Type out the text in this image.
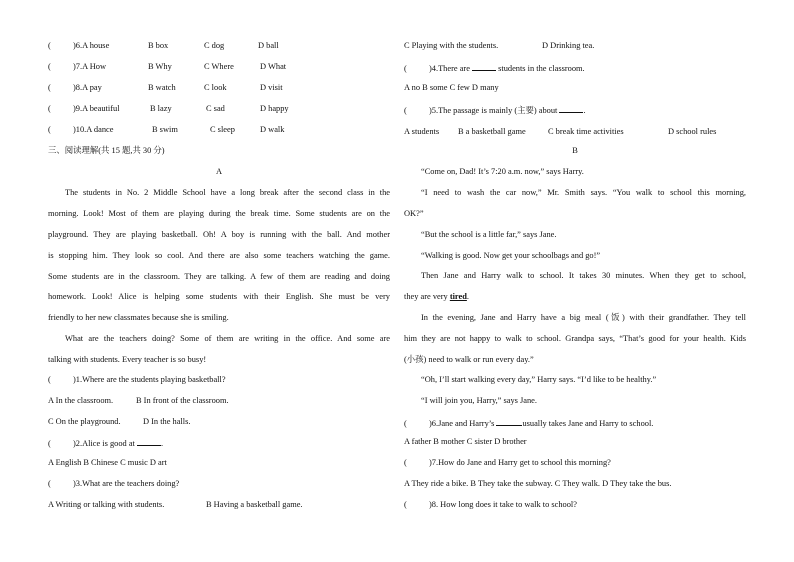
(	)6.A house	B box	C dog	D ball
(	)7.A How	B Why	C Where	D What
(	)8.A pay	B watch	C look	D visit
(	)9.A beautiful	B lazy	C sad	D happy
(	)10.A dance	B swim	C sleep	D walk
三、阅读理解(共 15 题,共 30 分)
A
The students in No. 2 Middle School have a long break after the second class in the
morning. Look! Most of them are playing during the break time. Some students are on the
playground. They are playing basketball. Oh! A boy is running with the ball. And mother
is stopping him. They look so cool. And there are also some teachers watching the game.
Some students are in the classroom. They are talking. A few of them are reading and doing
homework. Look! Alice is helping some students with their English. She must be very
friendly to her new classmates because she is smiling.
What are the teachers doing? Some of them are writing in the office. And some are
talking with students. Every teacher is so busy!
(	)1.Where are the students playing basketball?
A In the classroom.	B In front of the classroom.
C On the playground.	D In the halls.
(	)2.Alice is good at	.
A English B Chinese C music D art
(	)3.What are the teachers doing?
A Writing or talking with students.	B Having a basketball game.
C Playing with the students.	D Drinking tea.
(	)4.There are	students in the classroom.
A no B some C few D many
(	)5.The passage is mainly (主要) about	.
A students B a basketball game	C break time activities	D school rules
B
“Come on, Dad! It’s 7:20 a.m. now,” says Harry.
“I need to wash the car now,” Mr. Smith says. “You walk to school this morning,
OK?”
“But the school is a little far,” says Jane.
“Walking is good. Now get your schoolbags and go!”
Then Jane and Harry walk to school. It takes 30 minutes. When they get to school,
they are very tired.
In the evening, Jane and Harry have a big meal (饭) with their grandfather. They tell
him they are not happy to walk to school. Grandpa says, “That’s good for your health. Kids
(小孩) need to walk or run every day.”
“Oh, I’ll start walking every day,” Harry says. “I’d like to be healthy.”
“I will join you, Harry,” says Jane.
(	)6.Jane and Harry’s	usually takes Jane and Harry to school.
A father B mother C sister D brother
(	)7.How do Jane and Harry get to school this morning?
A They ride a bike. B They take the subway. C They walk. D They take the bus.
(	)8. How long does it take to walk to school?
